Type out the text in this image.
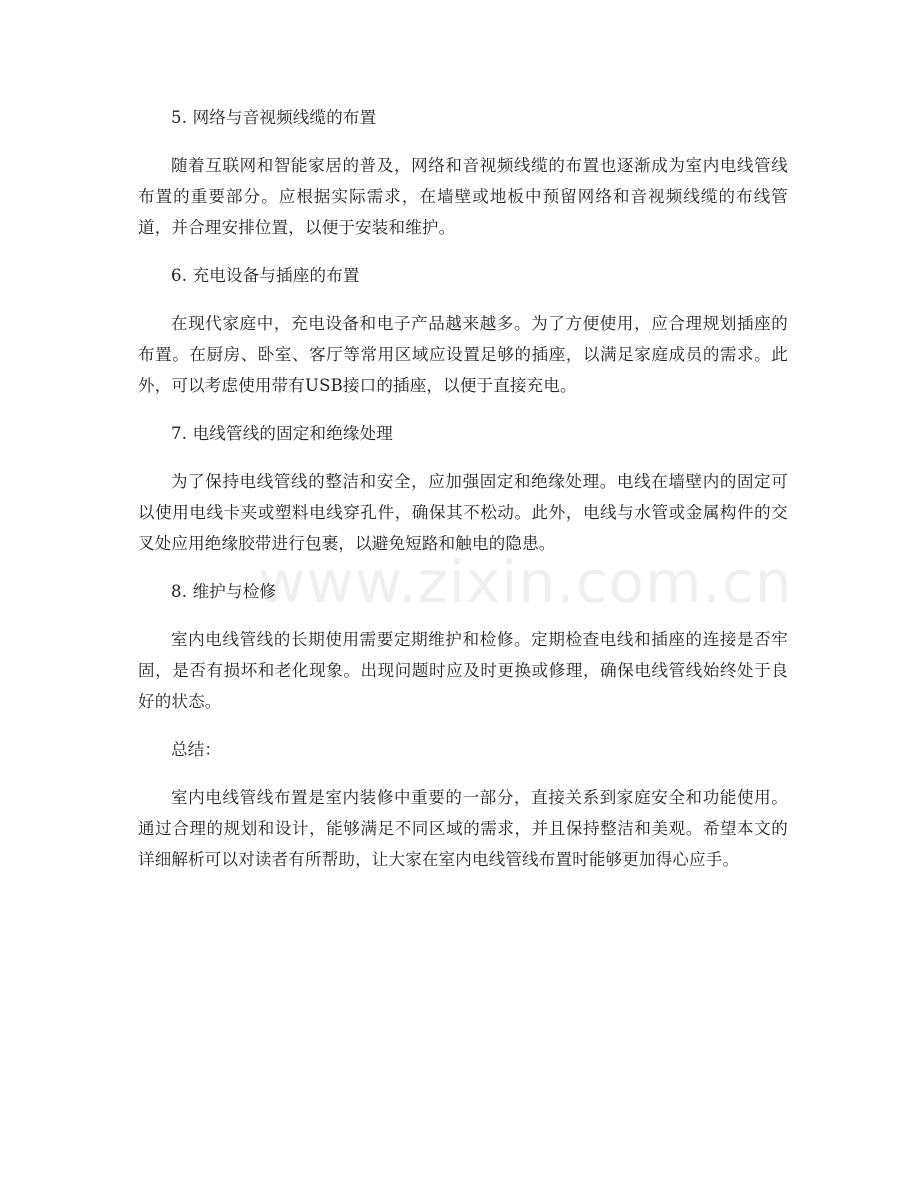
5. 网络与音视频线缆的布置

随着互联网和智能家居的普及，网络和音视频线缆的布置也逐渐成为室内电线管线布置的重要部分。应根据实际需求，在墙壁或地板中预留网络和音视频线缆的布线管道，并合理安排位置，以便于安装和维护。

6. 充电设备与插座的布置

在现代家庭中，充电设备和电子产品越来越多。为了方便使用，应合理规划插座的布置。在厨房、卧室、客厅等常用区域应设置足够的插座，以满足家庭成员的需求。此外，可以考虑使用带有USB接口的插座，以便于直接充电。

7. 电线管线的固定和绝缘处理

为了保持电线管线的整洁和安全，应加强固定和绝缘处理。电线在墙壁内的固定可以使用电线卡夹或塑料电线穿孔件，确保其不松动。此外，电线与水管或金属构件的交叉处应用绝缘胶带进行包裹，以避免短路和触电的隐患。

8. 维护与检修

室内电线管线的长期使用需要定期维护和检修。定期检查电线和插座的连接是否牢固，是否有损坏和老化现象。出现问题时应及时更换或修理，确保电线管线始终处于良好的状态。

总结：

室内电线管线布置是室内装修中重要的一部分，直接关系到家庭安全和功能使用。通过合理的规划和设计，能够满足不同区域的需求，并且保持整洁和美观。希望本文的详细解析可以对读者有所帮助，让大家在室内电线管线布置时能够更加得心应手。

www.zixin.com.cn
